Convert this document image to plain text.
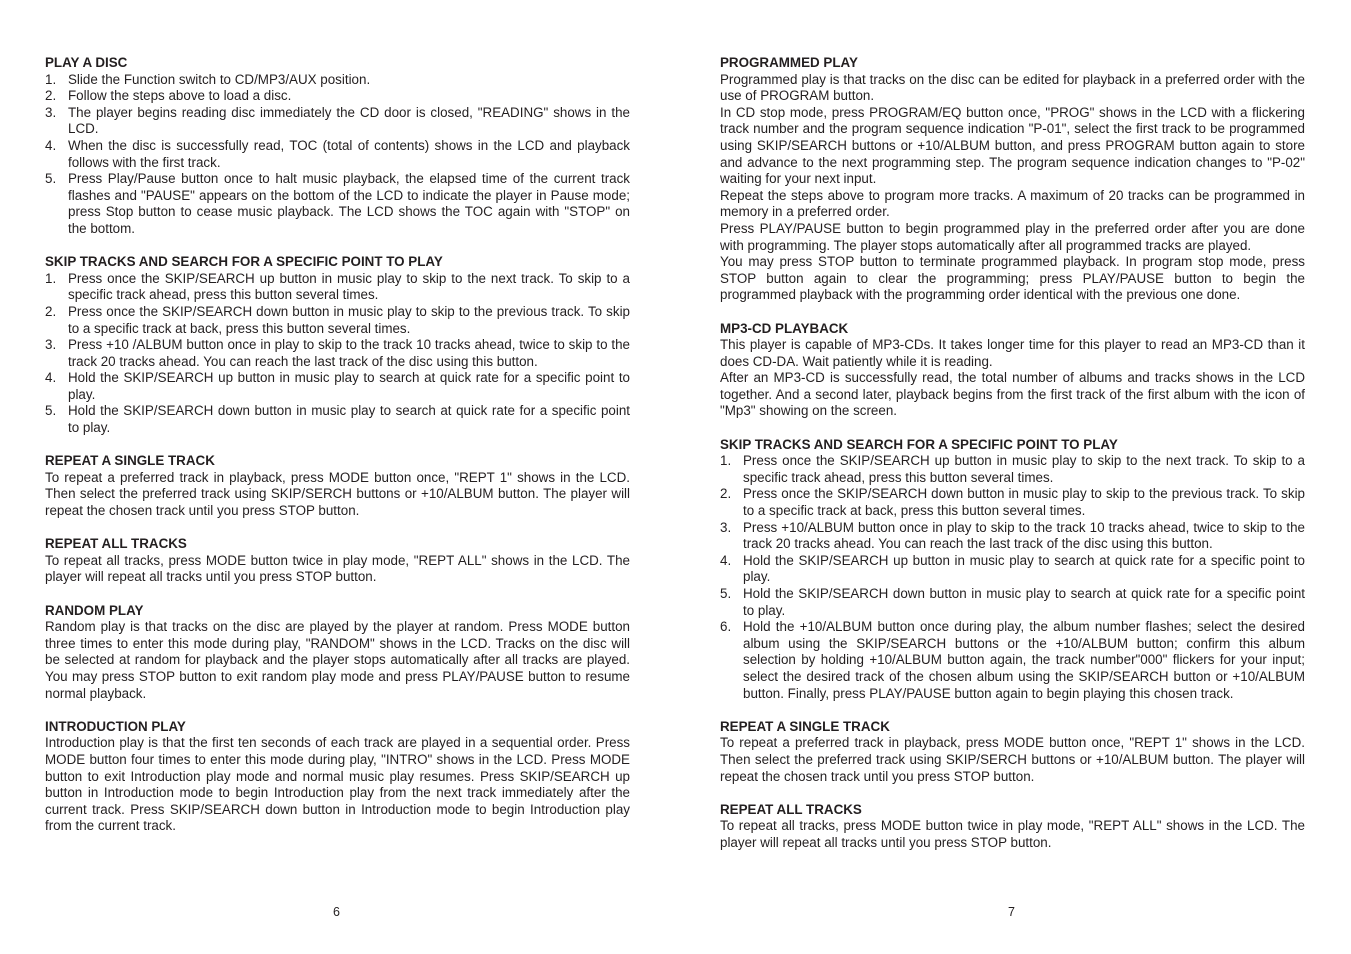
PLAY A DISC
1. Slide the Function switch to CD/MP3/AUX position.
2. Follow the steps above to load a disc.
3. The player begins reading disc immediately the CD door is closed, "READING" shows in the LCD.
4. When the disc is successfully read, TOC (total of contents) shows in the LCD and playback follows with the first track.
5. Press Play/Pause button once to halt music playback, the elapsed time of the current track flashes and "PAUSE" appears on the bottom of the LCD to indicate the player in Pause mode; press Stop button to cease music playback. The LCD shows the TOC again with "STOP" on the bottom.
SKIP TRACKS AND SEARCH FOR A SPECIFIC POINT TO PLAY
1. Press once the SKIP/SEARCH up button in music play to skip to the next track. To skip to a specific track ahead, press this button several times.
2. Press once the SKIP/SEARCH down button in music play to skip to the previous track. To skip to a specific track at back, press this button several times.
3. Press +10 /ALBUM button once in play to skip to the track 10 tracks ahead, twice to skip to the track 20 tracks ahead. You can reach the last track of the disc using this button.
4. Hold the SKIP/SEARCH up button in music play to search at quick rate for a specific point to play.
5. Hold the SKIP/SEARCH down button in music play to search at quick rate for a specific point to play.
REPEAT A SINGLE TRACK
To repeat a preferred track in playback, press MODE button once, "REPT 1" shows in the LCD. Then select the preferred track using SKIP/SERCH buttons or +10/ALBUM button. The player will repeat the chosen track until you press STOP button.
REPEAT ALL TRACKS
To repeat all tracks, press MODE button twice in play mode, "REPT ALL" shows in the LCD. The player will repeat all tracks until you press STOP button.
RANDOM PLAY
Random play is that tracks on the disc are played by the player at random. Press MODE button three times to enter this mode during play, "RANDOM" shows in the LCD. Tracks on the disc will be selected at random for playback and the player stops automatically after all tracks are played. You may press STOP button to exit random play mode and press PLAY/PAUSE button to resume normal playback.
INTRODUCTION PLAY
Introduction play is that the first ten seconds of each track are played in a sequential order. Press MODE button four times to enter this mode during play, "INTRO" shows in the LCD. Press MODE button to exit Introduction play mode and normal music play resumes. Press SKIP/SEARCH up button in Introduction mode to begin Introduction play from the next track immediately after the current track. Press SKIP/SEARCH down button in Introduction mode to begin Introduction play from the current track.
PROGRAMMED PLAY
Programmed play is that tracks on the disc can be edited for playback in a preferred order with the use of PROGRAM button.
In CD stop mode, press PROGRAM/EQ button once, "PROG" shows in the LCD with a flickering track number and the program sequence indication "P-01", select the first track to be programmed using SKIP/SEARCH buttons or +10/ALBUM button, and press PROGRAM button again to store and advance to the next programming step. The program sequence indication changes to "P-02" waiting for your next input.
Repeat the steps above to program more tracks. A maximum of 20 tracks can be programmed in memory in a preferred order.
Press PLAY/PAUSE button to begin programmed play in the preferred order after you are done with programming. The player stops automatically after all programmed tracks are played.
You may press STOP button to terminate programmed playback. In program stop mode, press STOP button again to clear the programming; press PLAY/PAUSE button to begin the programmed playback with the programming order identical with the previous one done.
MP3-CD PLAYBACK
This player is capable of MP3-CDs. It takes longer time for this player to read an MP3-CD than it does CD-DA. Wait patiently while it is reading.
After an MP3-CD is successfully read, the total number of albums and tracks shows in the LCD together. And a second later, playback begins from the first track of the first album with the icon of "Mp3" showing on the screen.
SKIP TRACKS AND SEARCH FOR A SPECIFIC POINT TO PLAY
1. Press once the SKIP/SEARCH up button in music play to skip to the next track. To skip to a specific track ahead, press this button several times.
2. Press once the SKIP/SEARCH down button in music play to skip to the previous track. To skip to a specific track at back, press this button several times.
3. Press +10/ALBUM button once in play to skip to the track 10 tracks ahead, twice to skip to the track 20 tracks ahead. You can reach the last track of the disc using this button.
4. Hold the SKIP/SEARCH up button in music play to search at quick rate for a specific point to play.
5. Hold the SKIP/SEARCH down button in music play to search at quick rate for a specific point to play.
6. Hold the +10/ALBUM button once during play, the album number flashes; select the desired album using the SKIP/SEARCH buttons or the +10/ALBUM button; confirm this album selection by holding +10/ALBUM button again, the track number"000" flickers for your input; select the desired track of the chosen album using the SKIP/SEARCH button or +10/ALBUM button. Finally, press PLAY/PAUSE button again to begin playing this chosen track.
REPEAT A SINGLE TRACK
To repeat a preferred track in playback, press MODE button once, "REPT 1" shows in the LCD. Then select the preferred track using SKIP/SERCH buttons or +10/ALBUM button. The player will repeat the chosen track until you press STOP button.
REPEAT ALL TRACKS
To repeat all tracks, press MODE button twice in play mode, "REPT ALL" shows in the LCD. The player will repeat all tracks until you press STOP button.
6	7
